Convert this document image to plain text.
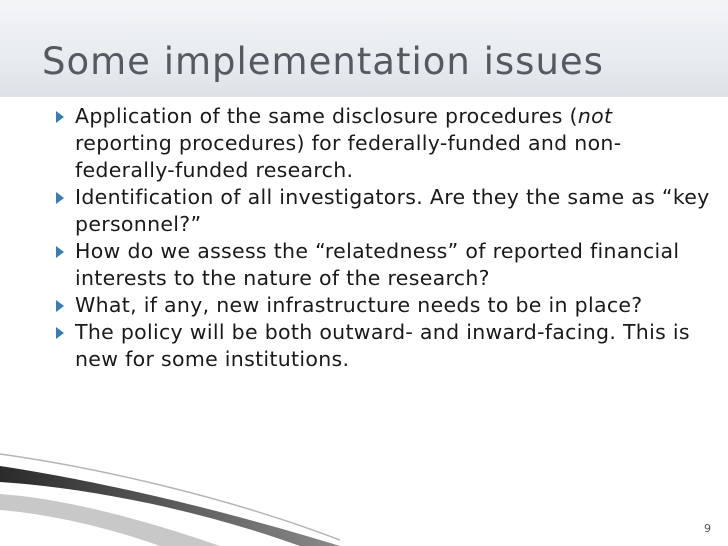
Some implementation issues
Application of the same disclosure procedures (not reporting procedures) for federally-funded and non-federally-funded research.
Identification of all investigators. Are they the same as “key personnel?”
How do we assess the “relatedness” of reported financial interests to the nature of the research?
What, if any, new infrastructure needs to be in place?
The policy will be both outward- and inward-facing. This is new for some institutions.
9
